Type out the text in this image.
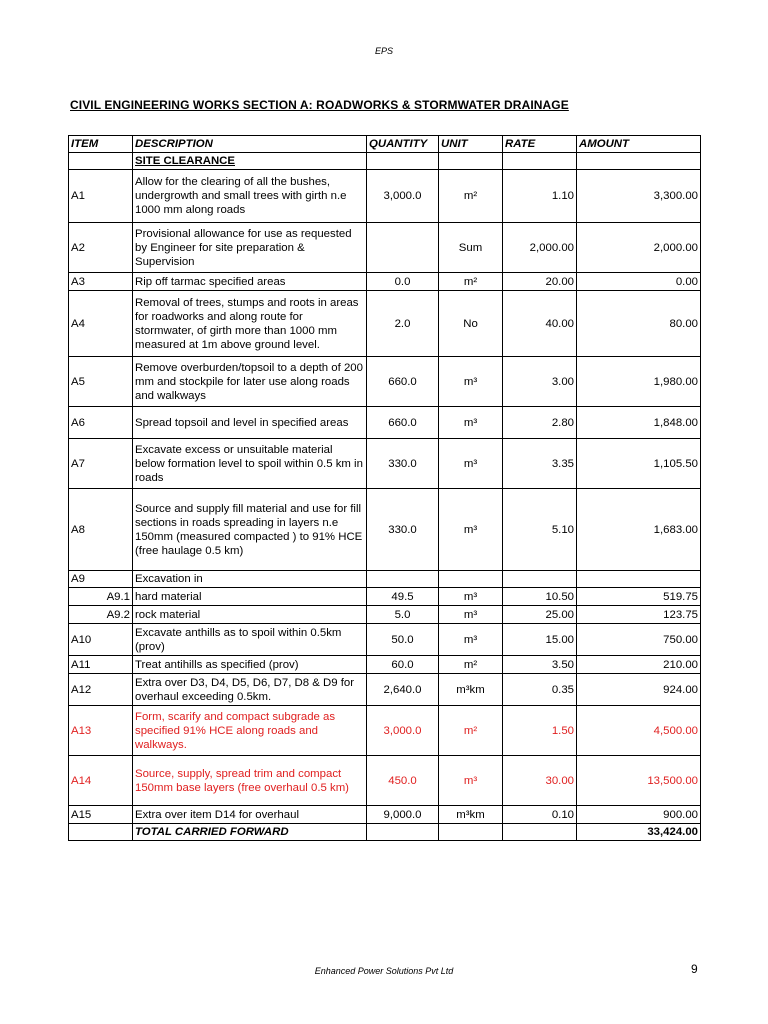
EPS
CIVIL ENGINEERING WORKS SECTION A: ROADWORKS & STORMWATER DRAINAGE
ITEM	DESCRIPTION	QUANTITY	UNIT	RATE	AMOUNT
	SITE CLEARANCE				
A1	Allow for the clearing of all the bushes, undergrowth and small trees with girth n.e 1000 mm along roads	3,000.0	m²	1.10	3,300.00
A2	Provisional allowance for use as requested by Engineer for site preparation & Supervision		Sum	2,000.00	2,000.00
A3	Rip off tarmac specified areas	0.0	m²	20.00	0.00
A4	Removal of trees, stumps and roots in areas for roadworks and along route for stormwater, of girth more than 1000 mm measured at 1m above ground level.	2.0	No	40.00	80.00
A5	Remove overburden/topsoil to a depth of 200 mm and stockpile for later use along roads and walkways	660.0	m³	3.00	1,980.00
A6	Spread topsoil and level in specified areas	660.0	m³	2.80	1,848.00
A7	Excavate excess or unsuitable material below formation level to spoil within 0.5 km in roads	330.0	m³	3.35	1,105.50
A8	Source and supply fill material and use for fill sections in roads spreading in layers n.e 150mm (measured compacted ) to 91% HCE (free haulage 0.5 km)	330.0	m³	5.10	1,683.00
A9	Excavation in				
A9.1	hard material	49.5	m³	10.50	519.75
A9.2	rock material	5.0	m³	25.00	123.75
A10	Excavate anthills as to spoil within 0.5km (prov)	50.0	m³	15.00	750.00
A11	Treat antihills as specified (prov)	60.0	m²	3.50	210.00
A12	Extra over D3, D4, D5, D6, D7, D8 & D9 for overhaul exceeding 0.5km.	2,640.0	m³km	0.35	924.00
A13	Form, scarify and compact subgrade as specified 91% HCE along roads and walkways.	3,000.0	m²	1.50	4,500.00
A14	Source, supply, spread trim and compact 150mm base layers (free overhaul 0.5 km)	450.0	m³	30.00	13,500.00
A15	Extra over item D14 for overhaul	9,000.0	m³km	0.10	900.00
	TOTAL CARRIED FORWARD				33,424.00
Enhanced Power Solutions Pvt Ltd	9
